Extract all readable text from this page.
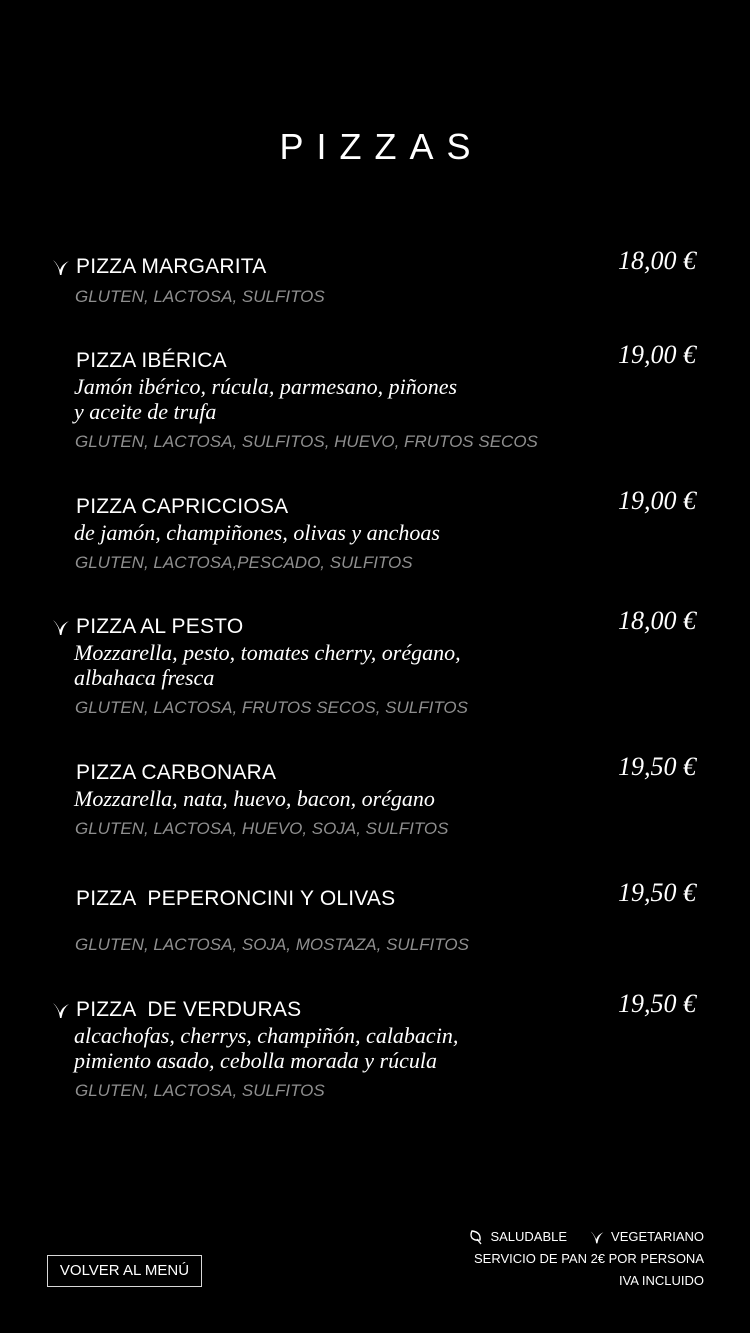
PIZZAS
PIZZA MARGARITA	18,00 €
GLUTEN, LACTOSA, SULFITOS
PIZZA IBÉRICA	19,00 €
Jamón ibérico, rúcula, parmesano, piñones
y aceite de trufa
GLUTEN, LACTOSA, SULFITOS, HUEVO, FRUTOS SECOS
PIZZA CAPRICCIOSA	19,00 €
de jamón, champiñones, olivas y anchoas
GLUTEN, LACTOSA,PESCADO, SULFITOS
PIZZA AL PESTO	18,00 €
Mozzarella, pesto, tomates cherry, orégano,
albahaca fresca
GLUTEN, LACTOSA, FRUTOS SECOS, SULFITOS
PIZZA CARBONARA	19,50 €
Mozzarella, nata, huevo, bacon, orégano
GLUTEN, LACTOSA, HUEVO, SOJA, SULFITOS
PIZZA  PEPERONCINI Y OLIVAS	19,50 €
GLUTEN, LACTOSA, SOJA, MOSTAZA, SULFITOS
PIZZA  DE VERDURAS	19,50 €
alcachofas, cherrys, champiñón, calabacin,
pimiento asado, cebolla morada y rúcula
GLUTEN, LACTOSA, SULFITOS
VOLVER AL MENÚ
SALUDABLE	VEGETARIANO
SERVICIO DE PAN 2€ POR PERSONA
IVA INCLUIDO
